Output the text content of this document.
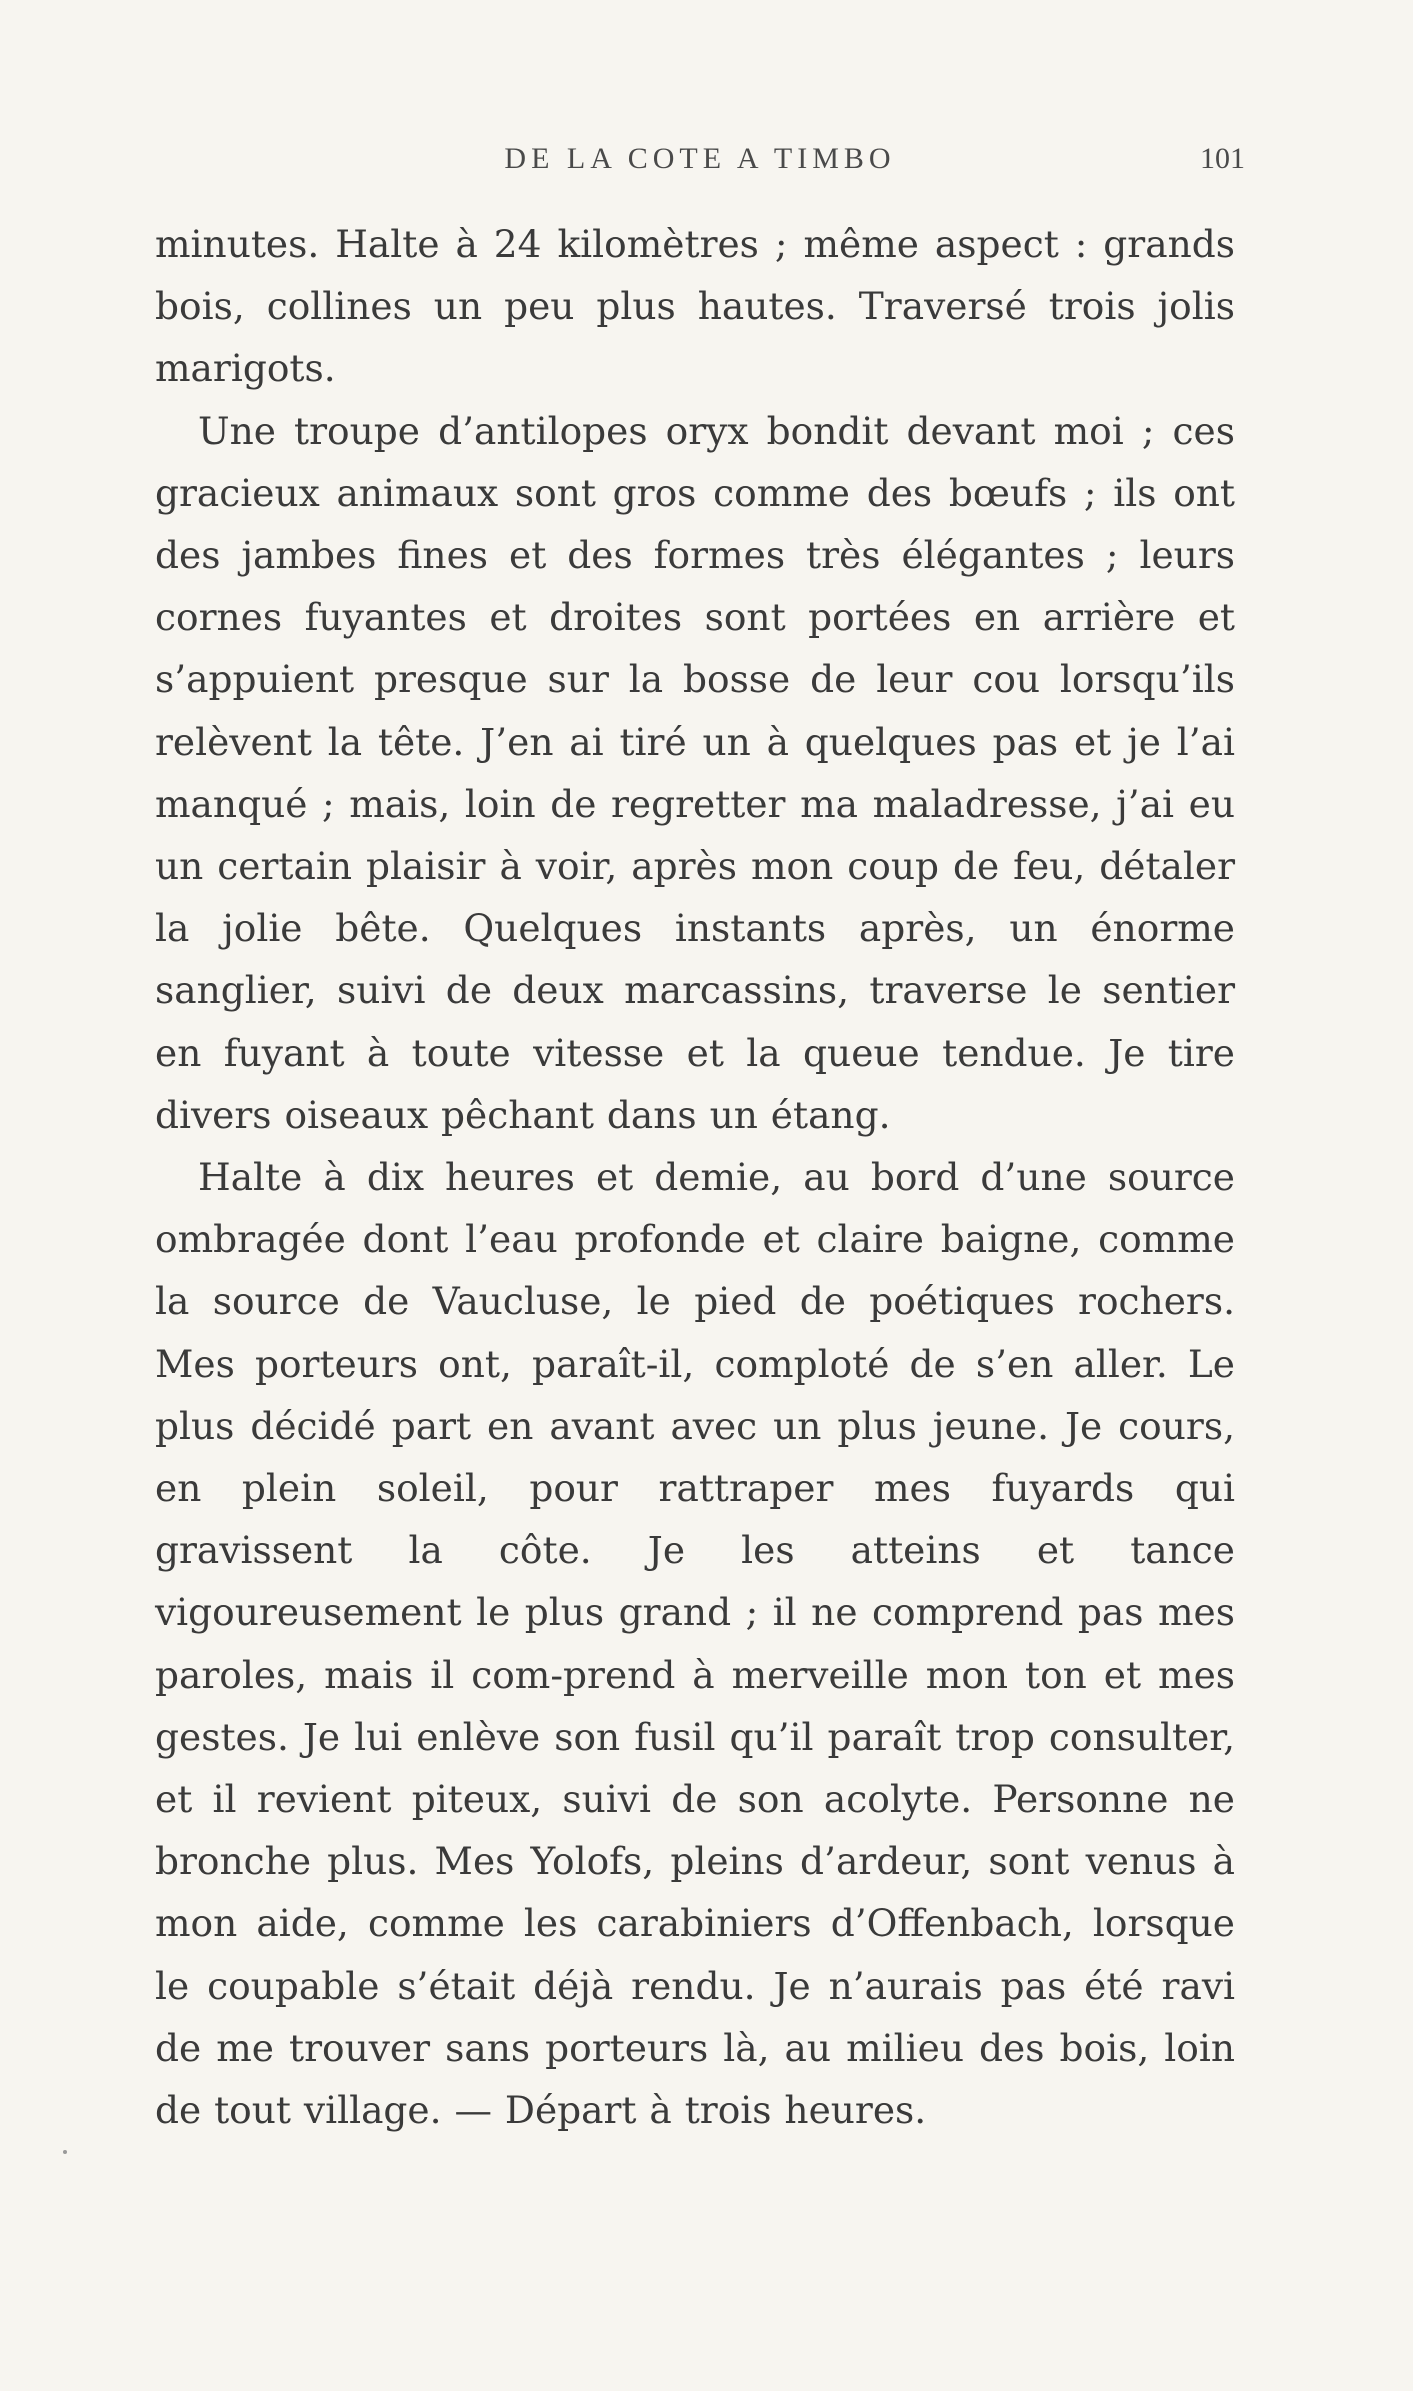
DE LA COTE A TIMBO	101

minutes. Halte à 24 kilomètres ; même aspect : grands bois, collines un peu plus hautes. Traversé trois jolis marigots.

Une troupe d’antilopes oryx bondit devant moi ; ces gracieux animaux sont gros comme des bœufs ; ils ont des jambes fines et des formes très élégantes ; leurs cornes fuyantes et droites sont portées en arrière et s’appuient presque sur la bosse de leur cou lorsqu’ils relèvent la tête. J’en ai tiré un à quelques pas et je l’ai manqué ; mais, loin de regretter ma maladresse, j’ai eu un certain plaisir à voir, après mon coup de feu, détaler la jolie bête. Quelques instants après, un énorme sanglier, suivi de deux marcassins, traverse le sentier en fuyant à toute vitesse et la queue tendue. Je tire divers oiseaux pêchant dans un étang.

Halte à dix heures et demie, au bord d’une source ombragée dont l’eau profonde et claire baigne, comme la source de Vaucluse, le pied de poétiques rochers. Mes porteurs ont, paraît-il, comploté de s’en aller. Le plus décidé part en avant avec un plus jeune. Je cours, en plein soleil, pour rattraper mes fuyards qui gravissent la côte. Je les atteins et tance vigoureusement le plus grand ; il ne comprend pas mes paroles, mais il com-prend à merveille mon ton et mes gestes. Je lui enlève son fusil qu’il paraît trop consulter, et il revient piteux, suivi de son acolyte. Personne ne bronche plus. Mes Yolofs, pleins d’ardeur, sont venus à mon aide, comme les carabiniers d’Offenbach, lorsque le coupable s’était déjà rendu. Je n’aurais pas été ravi de me trouver sans porteurs là, au milieu des bois, loin de tout village. — Départ à trois heures.
